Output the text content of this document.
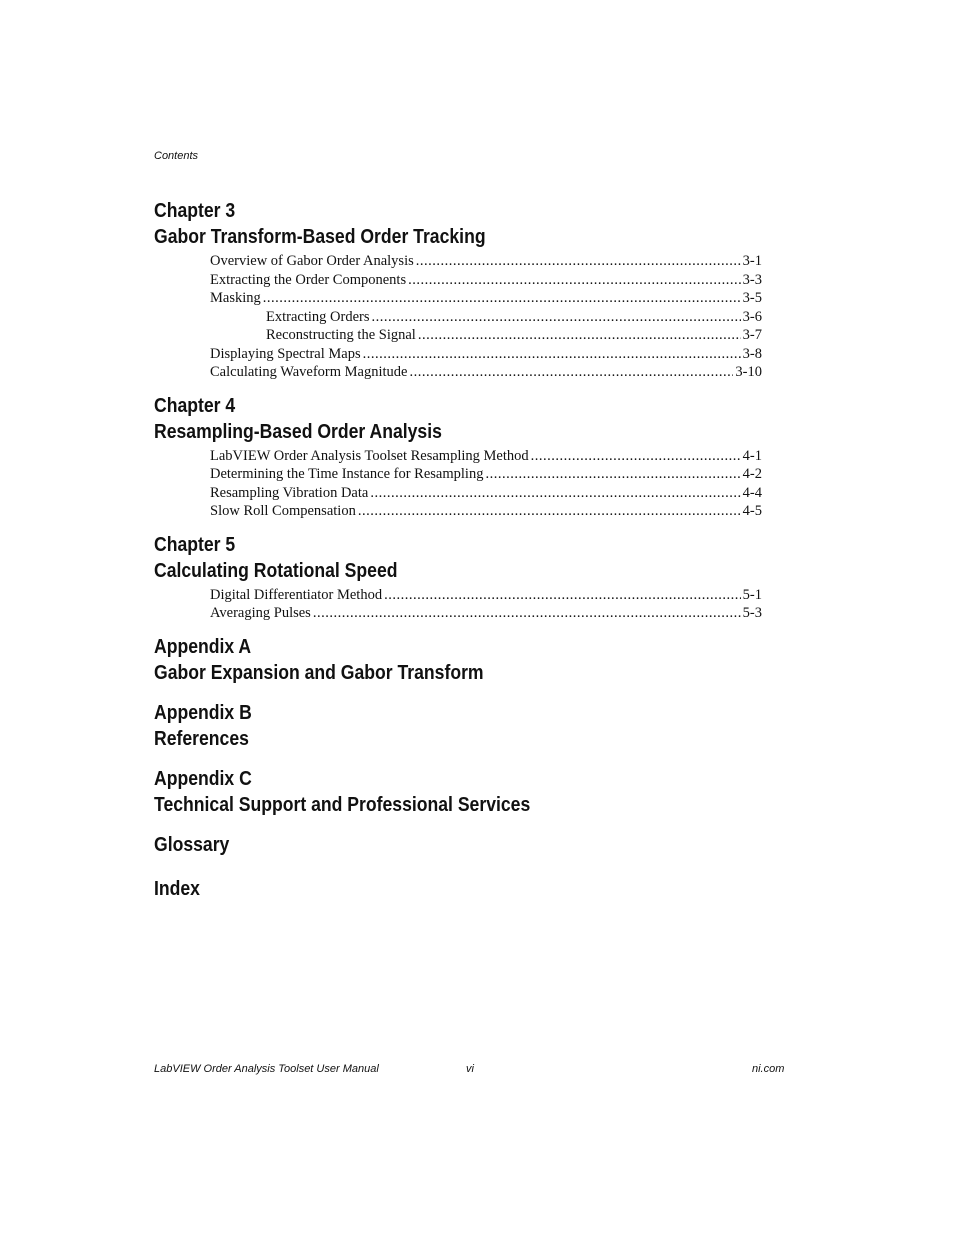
Contents
Chapter 3
Gabor Transform-Based Order Tracking
Overview of Gabor Order Analysis .....	3-1
Extracting the Order Components .....	3-3
Masking .....	3-5
Extracting Orders .....	3-6
Reconstructing the Signal .....	3-7
Displaying Spectral Maps .....	3-8
Calculating Waveform Magnitude .....	3-10
Chapter 4
Resampling-Based Order Analysis
LabVIEW Order Analysis Toolset Resampling Method .....	4-1
Determining the Time Instance for Resampling .....	4-2
Resampling Vibration Data .....	4-4
Slow Roll Compensation .....	4-5
Chapter 5
Calculating Rotational Speed
Digital Differentiator Method .....	5-1
Averaging Pulses .....	5-3
Appendix A
Gabor Expansion and Gabor Transform
Appendix B
References
Appendix C
Technical Support and Professional Services
Glossary
Index
LabVIEW Order Analysis Toolset User Manual	vi	ni.com
